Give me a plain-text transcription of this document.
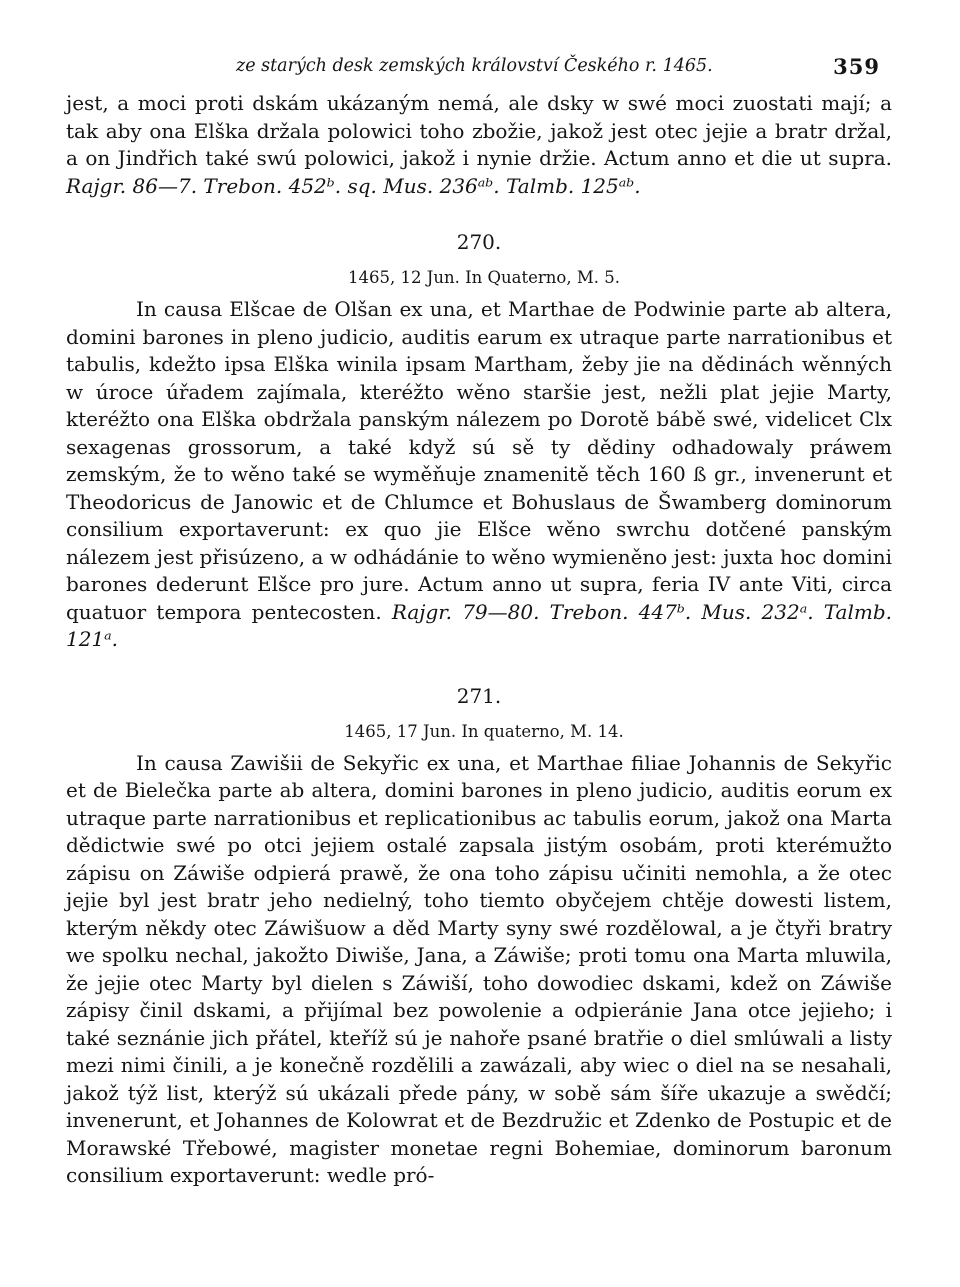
ze starých desk zemských království Českého r. 1465.	359

jest, a moci proti dskám ukázaným nemá, ale dsky w swé moci zuostati mají; a tak aby ona Elška držala polowici toho zbožie, jakož jest otec jejie a bratr držal, a on Jindřich také swú polowici, jakož i nynie držie. Actum anno et die ut supra. Rajgr. 86—7. Trebon. 452ᵇ. sq. Mus. 236ᵃᵇ. Talmb. 125ᵃᵇ.

270.
1465, 12 Jun. In Quaterno, M. 5.

In causa Elšcae de Olšan ex una, et Marthae de Podwinie parte ab altera, domini barones in pleno judicio, auditis earum ex utraque parte narrationibus et tabulis, kdežto ipsa Elška winila ipsam Martham, žeby jie na dědinách wěnných w úroce úřadem zajímala, kteréžto wěno staršie jest, nežli plat jejie Marty, kteréžto ona Elška obdržala panským nálezem po Dorotě bábě swé, videlicet Clx sexagenas grossorum, a také když sú sě ty dědiny odhadowaly práwem zemským, že to wěno také se wyměňuje znamenitě těch 160 ß gr., invenerunt et Theodoricus de Janowic et de Chlumce et Bohuslaus de Šwamberg dominorum consilium exportaverunt: ex quo jie Elšce wěno swrchu dotčené panským nálezem jest přisúzeno, a w odhádánie to wěno wymieněno jest: juxta hoc domini barones dederunt Elšce pro jure. Actum anno ut supra, feria IV ante Viti, circa quatuor tempora pentecosten. Rajgr. 79—80. Trebon. 447ᵇ. Mus. 232ᵃ. Talmb. 121ᵃ.

271.
1465, 17 Jun. In quaterno, M. 14.

In causa Zawišii de Sekyřic ex una, et Marthae filiae Johannis de Sekyřic et de Bielečka parte ab altera, domini barones in pleno judicio, auditis eorum ex utraque parte narrationibus et replicationibus ac tabulis eorum, jakož ona Marta dědictwie swé po otci jejiem ostalé zapsala jistým osobám, proti kterémužto zápisu on Záwiše odpierá prawě, že ona toho zápisu učiniti nemohla, a že otec jejie byl jest bratr jeho nedielný, toho tiemto obyčejem chtěje dowesti listem, kterým někdy otec Záwišuow a děd Marty syny swé rozdělowal, a je čtyři bratry we spolku nechal, jakožto Diwiše, Jana, a Záwiše; proti tomu ona Marta mluwila, že jejie otec Marty byl dielen s Záwiší, toho dowodiec dskami, kdež on Záwiše zápisy činil dskami, a přijímal bez powolenie a odpieránie Jana otce jejieho; i také seznánie jich přátel, kteříž sú je nahoře psané bratřie o diel smlúwali a listy mezi nimi činili, a je konečně rozdělili a zawázali, aby wiec o diel na se nesahali, jakož týž list, kterýž sú ukázali přede pány, w sobě sám šíře ukazuje a swědčí; invenerunt, et Johannes de Kolowrat et de Bezdružic et Zdenko de Postupic et de Morawské Třebowé, magister monetae regni Bohemiae, dominorum baronum consilium exportaverunt: wedle pró-
